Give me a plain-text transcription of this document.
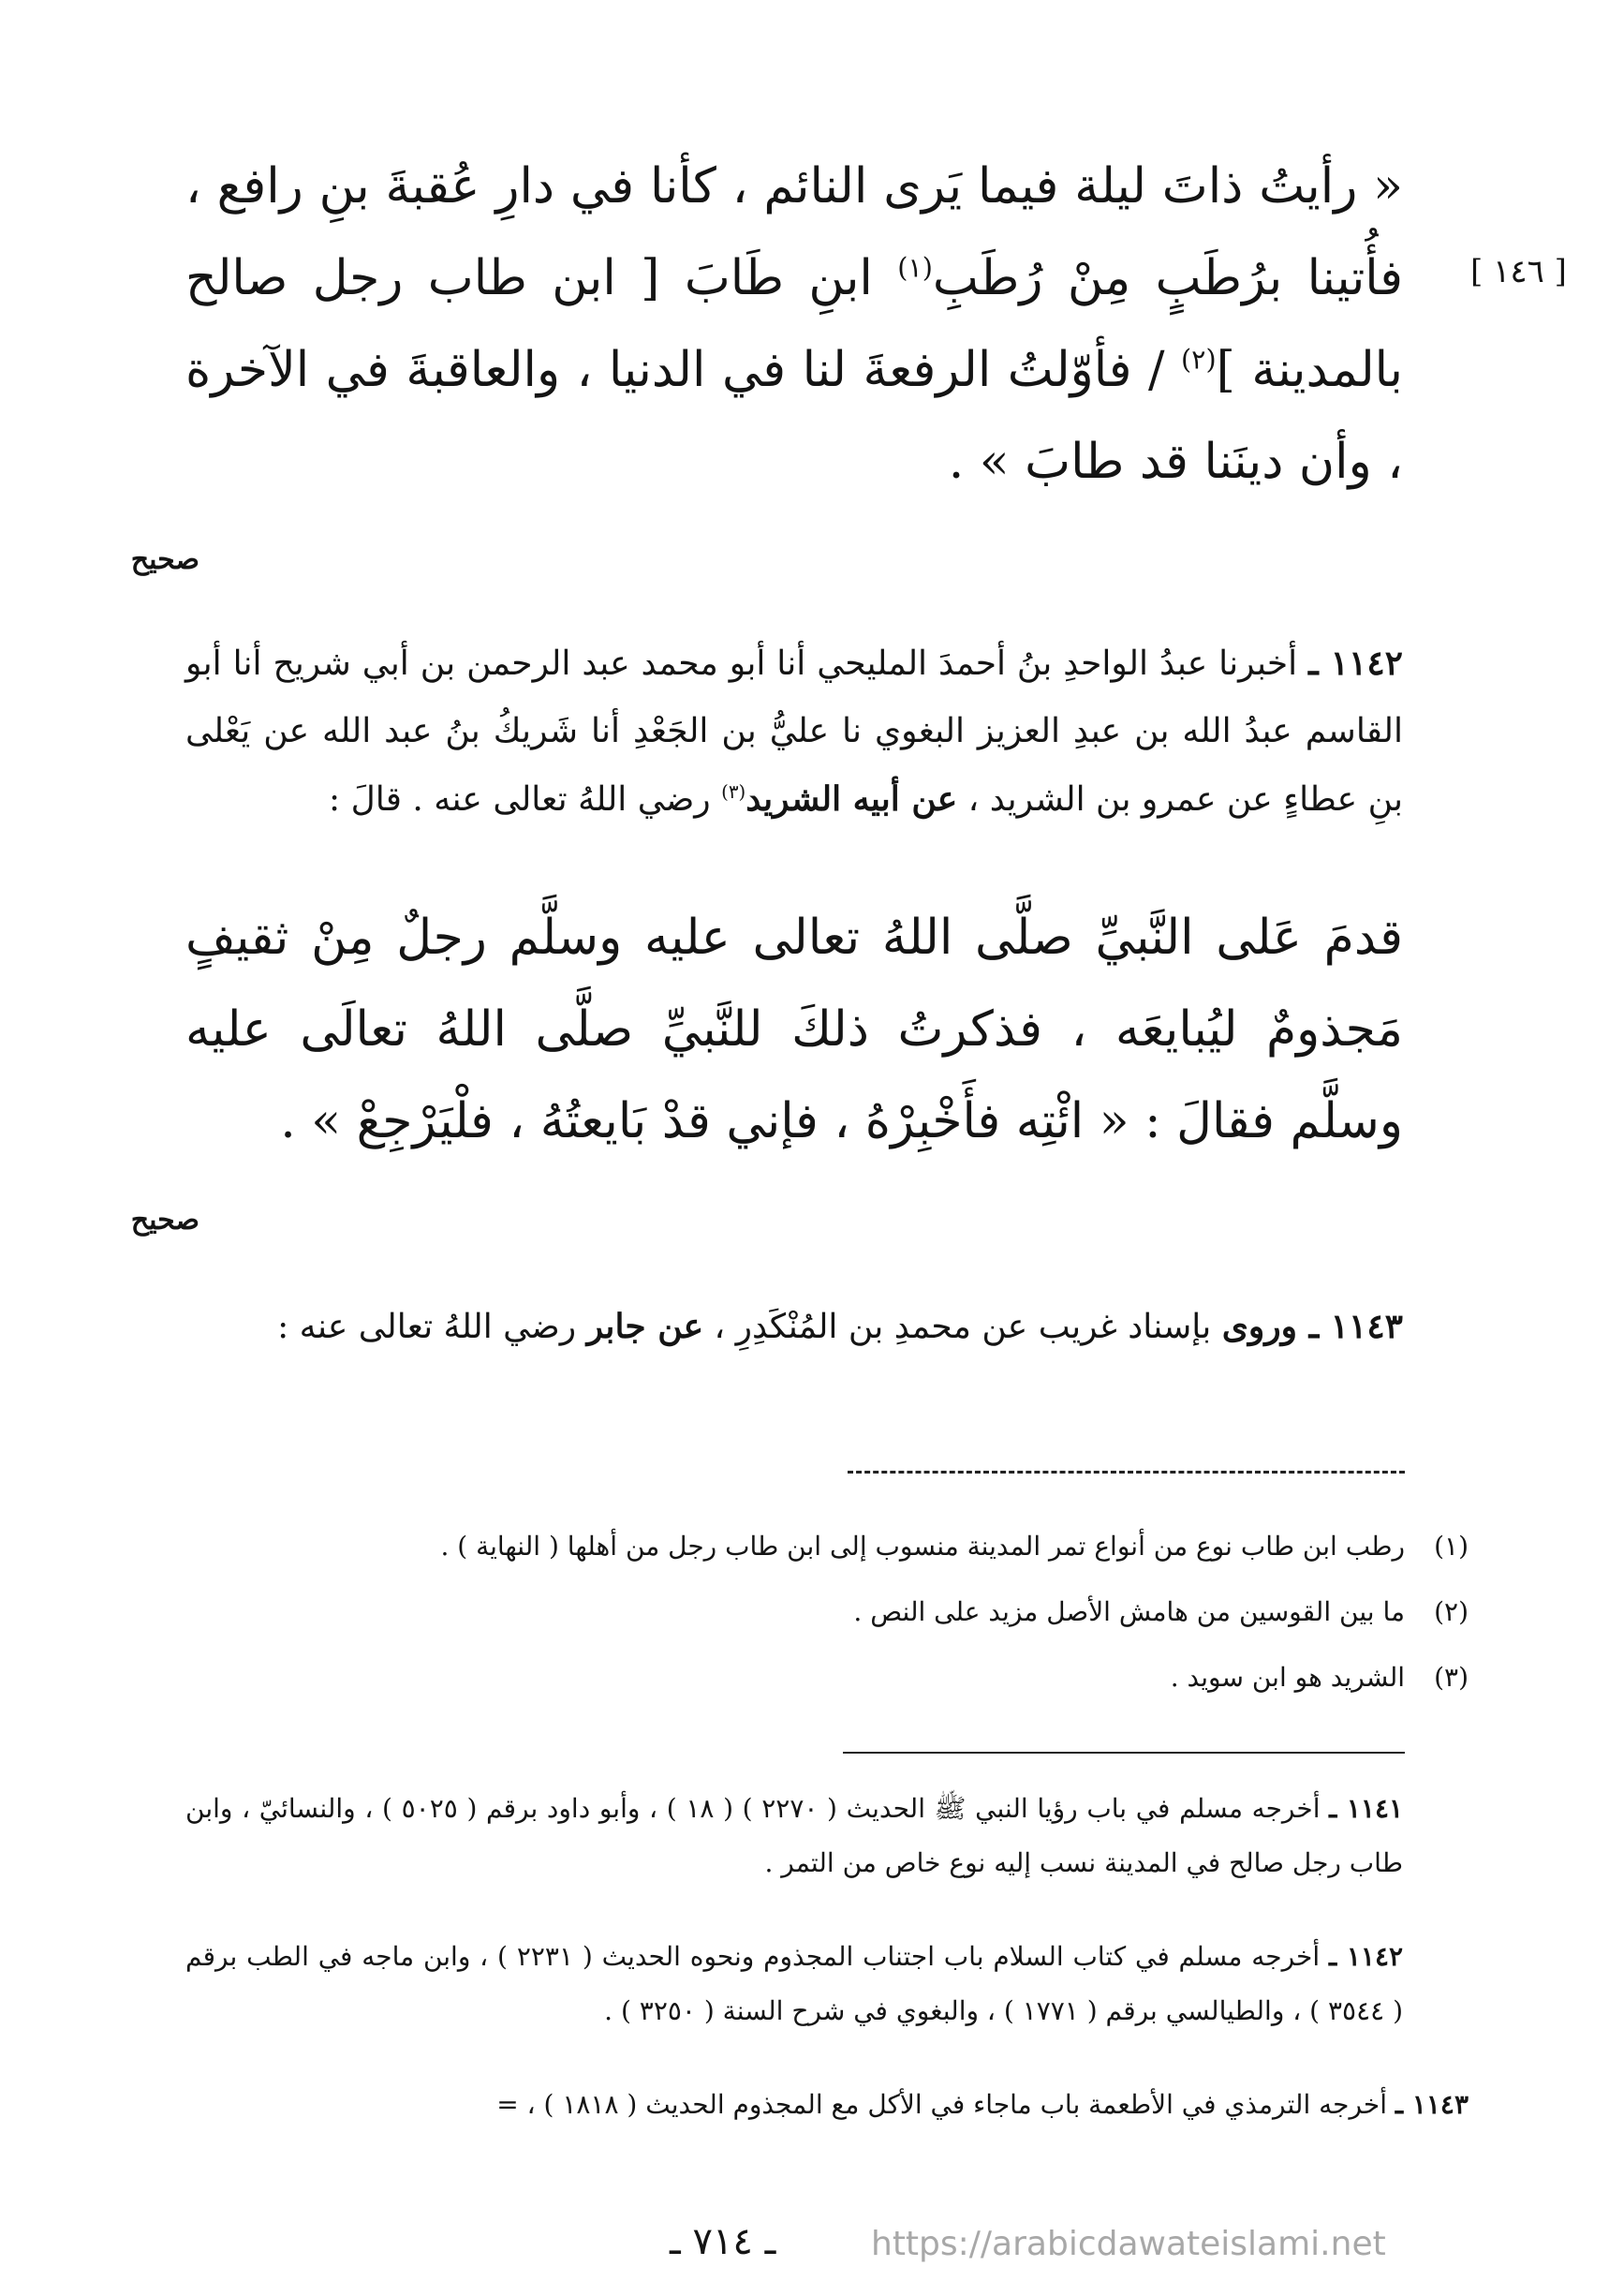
[ ١٤٦ ]
« رأيتُ ذاتَ ليلة فيما يَرى النائم ، كأنا في دارِ عُقبةَ بنِ رافع ، فأُتينا برُطَبٍ مِنْ رُطَبِ$^{(١)}$ ابنِ طَابَ [ ابن طاب رجل صالح بالمدينة ]$^{(٢)}$ / فأوّلتُ الرفعةَ لنا في الدنيا ، والعاقبةَ في الآخرة ، وأن دينَنا قد طابَ » .
صحيح
١١٤٢ ـ أخبرنا عبدُ الواحدِ بنُ أحمدَ المليحي أنا أبو محمد عبد الرحمن بن أبي شريح أنا أبو القاسم عبدُ الله بن عبدِ العزيز البغوي نا عليُّ بن الجَعْدِ أنا شَريكُ بنُ عبد الله عن يَعْلى بنِ عطاءٍ عن عمرو بن الشريد ، عن أبيه الشريد$^{(٣)}$ رضي اللهُ تعالى عنه . قالَ :
قدمَ عَلى النَّبيِّ صلَّى اللهُ تعالى عليه وسلَّم رجلٌ مِنْ ثقيفٍ مَجذومٌ ليُبايعَه ، فذكرتُ ذلكَ للنَّبيِّ صلَّى اللهُ تعالَى عليه وسلَّم فقالَ : « ائْتِه فأَخْبِرْهُ ، فإني قدْ بَايعتُهُ ، فلْيَرْجِعْ » .
صحيح
١١٤٣ ـ وروى بإسناد غريب عن محمدِ بن المُنْكَدِرِ ، عن جابر رضي اللهُ تعالى عنه :
(١)
رطب ابن طاب نوع من أنواع تمر المدينة منسوب إلى ابن طاب رجل من أهلها ( النهاية ) .
(٢)
ما بين القوسين من هامش الأصل مزيد على النص .
(٣)
الشريد هو ابن سويد .
١١٤١ ـ أخرجه مسلم في باب رؤيا النبي ﷺ الحديث ( ٢٢٧٠ ) ( ١٨ ) ، وأبو داود برقم ( ٥٠٢٥ ) ، والنسائيّ ، وابن طاب رجل صالح في المدينة نسب إليه نوع خاص من التمر .
١١٤٢ ـ أخرجه مسلم في كتاب السلام باب اجتناب المجذوم ونحوه الحديث ( ٢٢٣١ ) ، وابن ماجه في الطب برقم ( ٣٥٤٤ ) ، والطيالسي برقم ( ١٧٧١ ) ، والبغوي في شرح السنة ( ٣٢٥٠ ) .
١١٤٣ ـ أخرجه الترمذي في الأطعمة باب ماجاء في الأكل مع المجذوم الحديث ( ١٨١٨ ) ، =
ـ ٧١٤ ـ	https://arabicdawateislami.net
